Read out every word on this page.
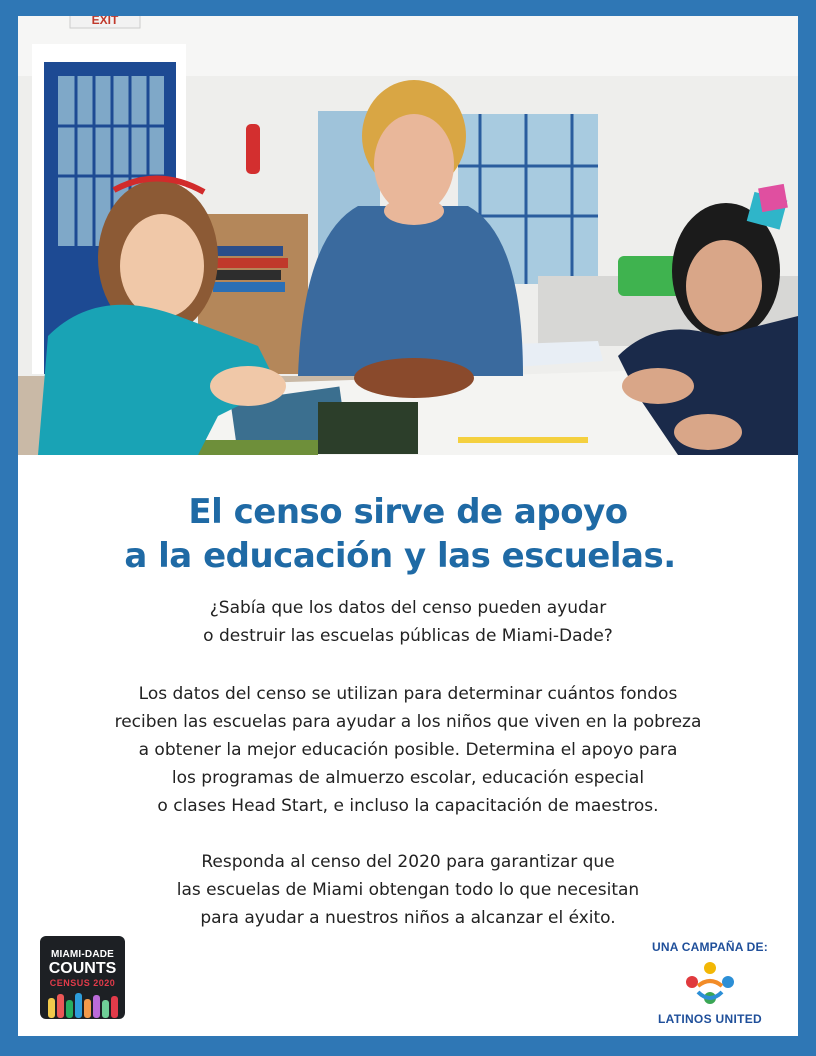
EXIT
El censo sirve de apoyo
a la educación y las escuelas.
¿Sabía que los datos del censo pueden ayudar
o destruir las escuelas públicas de Miami-Dade?
Los datos del censo se utilizan para determinar cuántos fondos
reciben las escuelas para ayudar a los niños que viven en la pobreza
a obtener la mejor educación posible. Determina el apoyo para
los programas de almuerzo escolar, educación especial
o clases Head Start, e incluso la capacitación de maestros.
Responda al censo del 2020 para garantizar que
las escuelas de Miami obtengan todo lo que necesitan
para ayudar a nuestros niños a alcanzar el éxito.
MIAMI-DADE
COUNTS
CENSUS 2020
UNA CAMPAÑA DE:
LATINOS UNITED
